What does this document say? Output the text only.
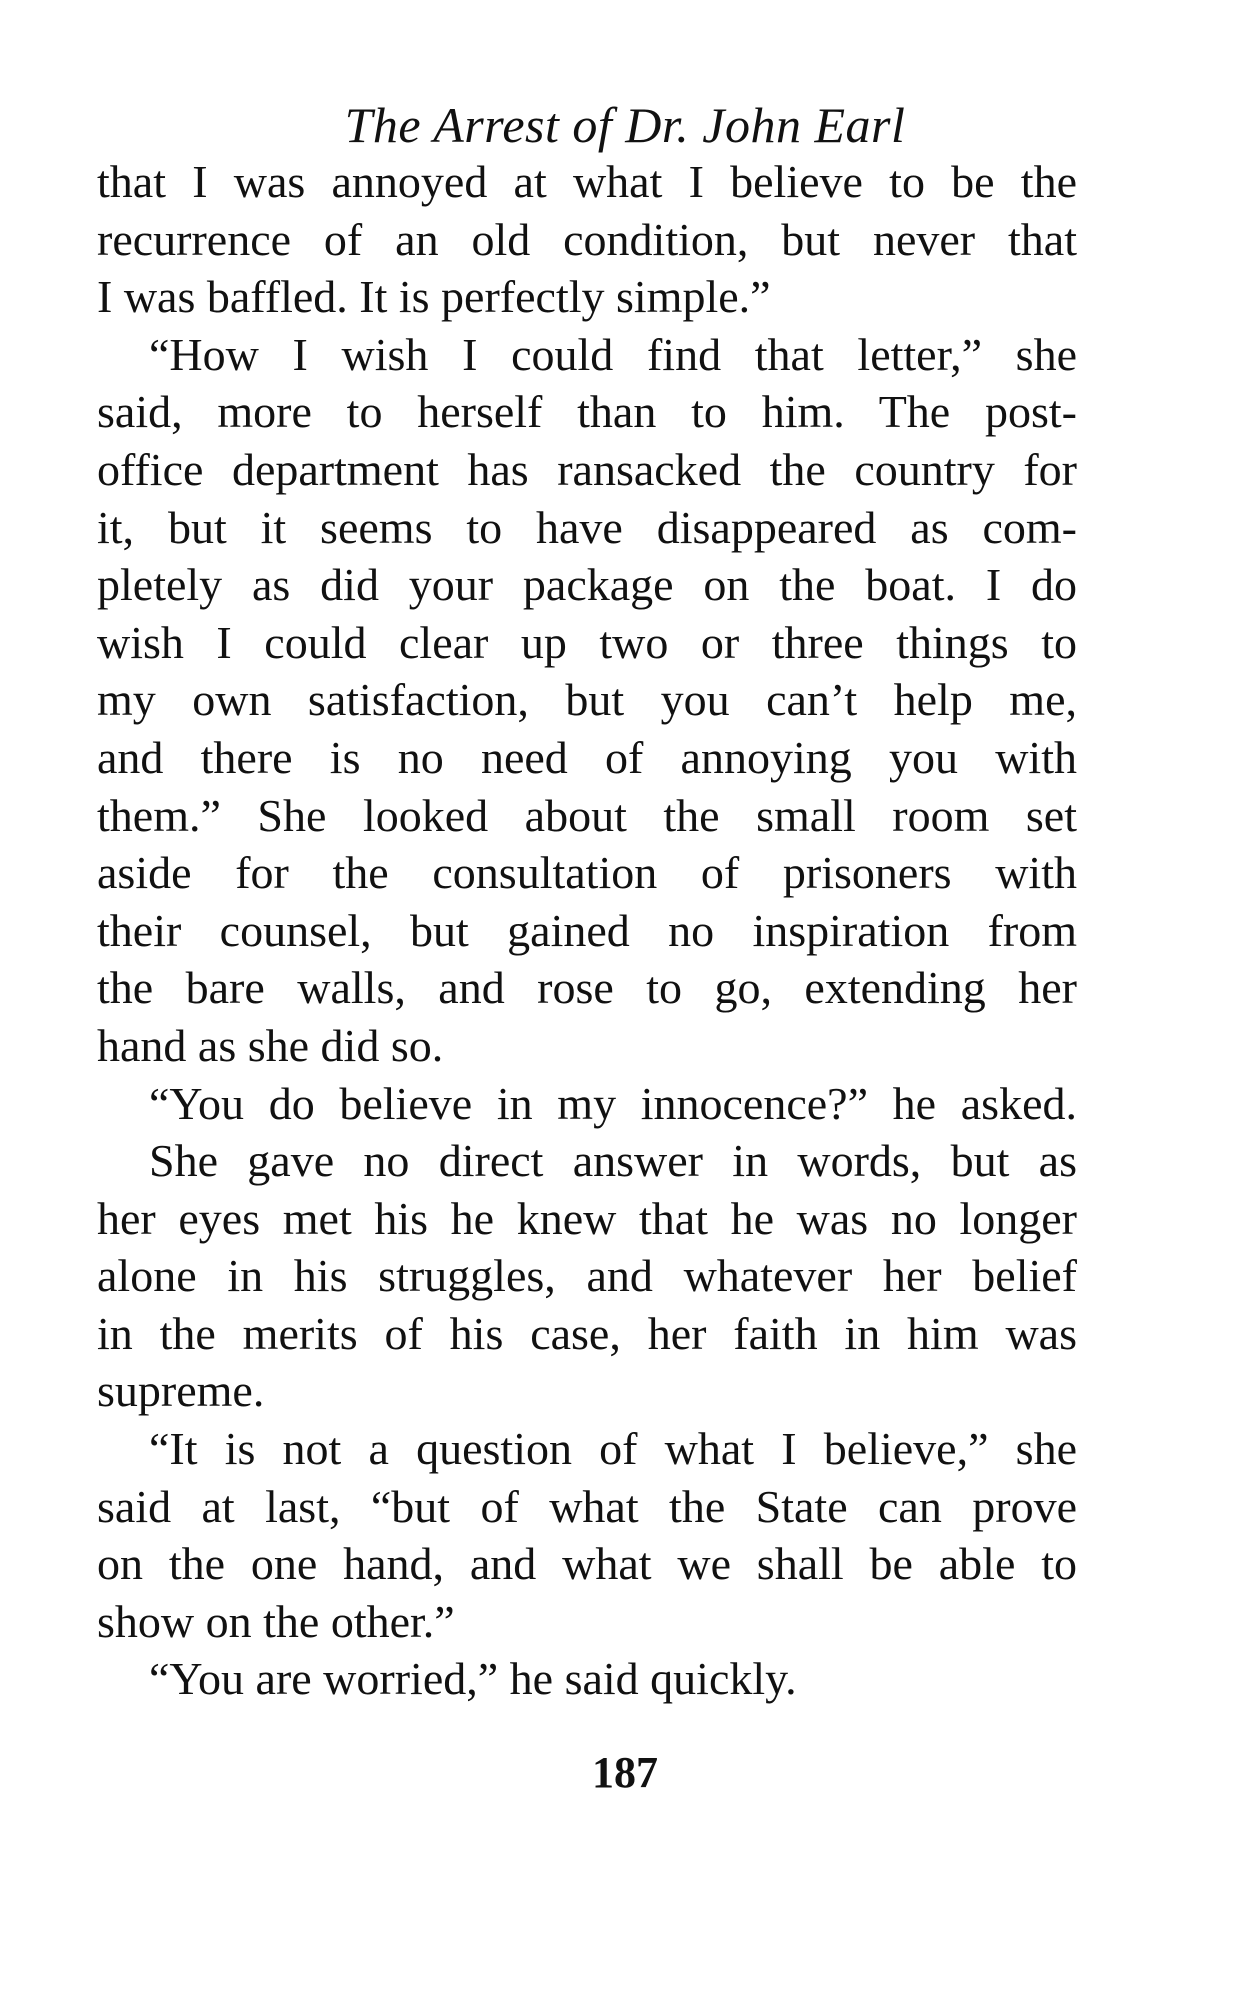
The Arrest of Dr. John Earl
that I was annoyed at what I believe to be the
recurrence of an old condition, but never that
I was baffled. It is perfectly simple.”
“How I wish I could find that letter,” she
said, more to herself than to him. The post-
office department has ransacked the country for
it, but it seems to have disappeared as com-
pletely as did your package on the boat. I do
wish I could clear up two or three things to
my own satisfaction, but you can’t help me,
and there is no need of annoying you with
them.” She looked about the small room set
aside for the consultation of prisoners with
their counsel, but gained no inspiration from
the bare walls, and rose to go, extending her
hand as she did so.
“You do believe in my innocence?” he asked.
She gave no direct answer in words, but as
her eyes met his he knew that he was no longer
alone in his struggles, and whatever her belief
in the merits of his case, her faith in him was
supreme.
“It is not a question of what I believe,” she
said at last, “but of what the State can prove
on the one hand, and what we shall be able to
show on the other.”
“You are worried,” he said quickly.
187
